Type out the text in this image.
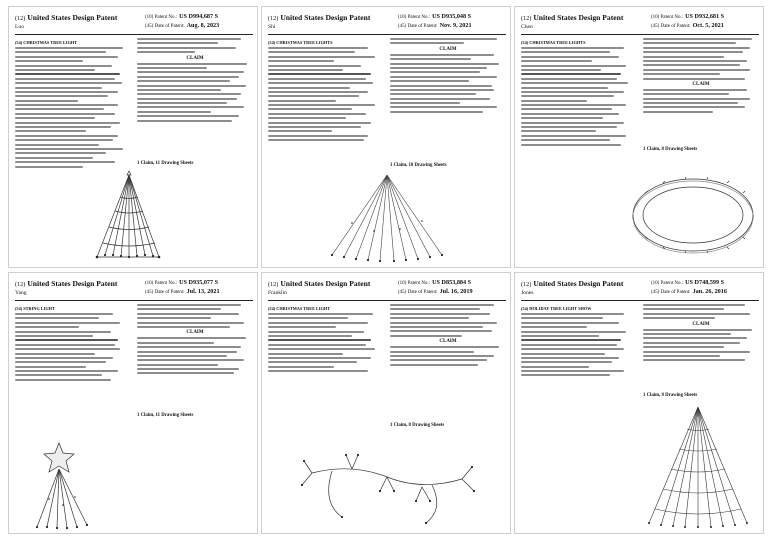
(12) United States Design Patent
Luo
(10) Patent No.: US D994,687 S
(45) Date of Patent: Aug. 8, 2023
(54) CHRISTMAS TREE LIGHT
CLAIM
1 Claim, 11 Drawing Sheets
(12) United States Design Patent
Shi
(10) Patent No.: US D935,048 S
(45) Date of Patent: Nov. 9, 2021
(54) CHRISTMAS TREE LIGHTS
CLAIM
1 Claim, 10 Drawing Sheets
(12) United States Design Patent
Chen
(10) Patent No.: US D932,681 S
(45) Date of Patent: Oct. 5, 2021
(54) CHRISTMAS TREE LIGHTS
CLAIM
1 Claim, 8 Drawing Sheets
(12) United States Design Patent
Yang
(10) Patent No.: US D935,077 S
(45) Date of Patent: Jul. 13, 2021
(54) STRING LIGHT
CLAIM
1 Claim, 11 Drawing Sheets
(12) United States Design Patent
Franklin
(10) Patent No.: US D853,884 S
(45) Date of Patent: Jul. 16, 2019
(54) CHRISTMAS TREE LIGHT
CLAIM
1 Claim, 8 Drawing Sheets
(12) United States Design Patent
Jones
(10) Patent No.: US D748,599 S
(45) Date of Patent: Jan. 26, 2016
(54) HOLIDAY TREE LIGHT SHOW
CLAIM
1 Claim, 8 Drawing Sheets
